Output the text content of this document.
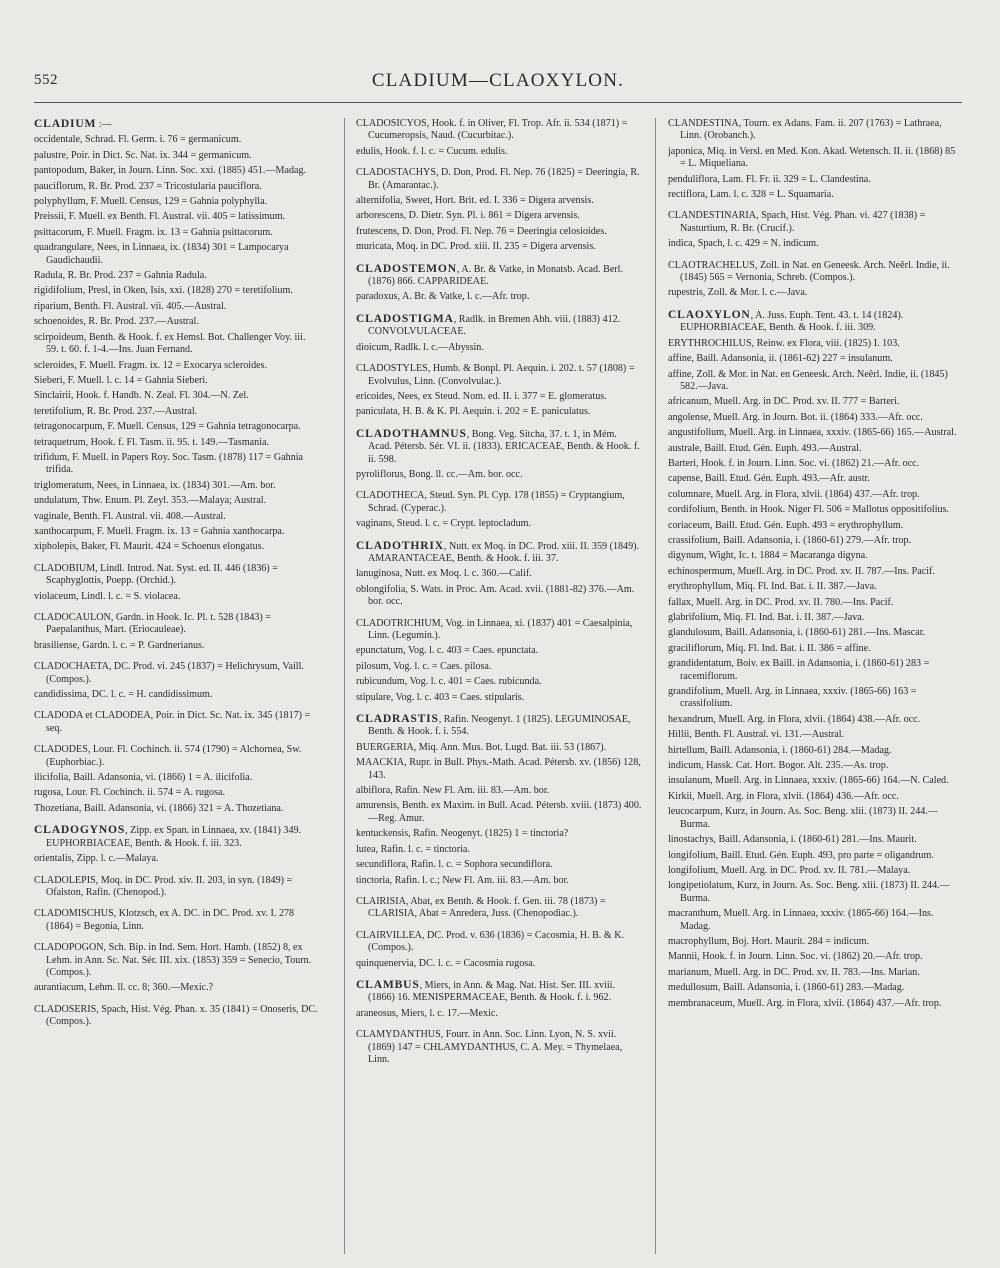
552	CLADIUM—CLAOXYLON.

CLADIUM :—

occidentale, Schrad. Fl. Germ. i. 76 = germanicum.

palustre, Poir. in Dict. Sc. Nat. ix. 344 = germanicum.

pantopodum, Baker, in Journ. Linn. Soc. xxi. (1885) 451.—Madag.

pauciflorum, R. Br. Prod. 237 = Tricostularia pauciflora.

polyphyllum, F. Muell. Census, 129 = Gahnia polyphylla.

Preissii, F. Muell. ex Benth. Fl. Austral. vii. 405 = latissimum.

psittacorum, F. Muell. Fragm. ix. 13 = Gahnia psittacorum.

quadrangulare, Nees, in Linnaea, ix. (1834) 301 = Lampocarya Gaudichaudii.

Radula, R. Br. Prod. 237 = Gahnia Radula.

rigidifolium, Presl, in Oken, Isis, xxi. (1828) 270 = teretifolium.

riparium, Benth. Fl. Austral. vii. 405.—Austral.

schoenoides, R. Br. Prod. 237.—Austral.

scirpoideum, Benth. & Hook. f. ex Hemsl. Bot. Challenger Voy. iii. 59. t. 60. f. 1-4.—Ins. Juan Fernand.

scleroides, F. Muell. Fragm. ix. 12 = Exocarya scleroides.

Sieberi, F. Muell. l. c. 14 = Gahnia Sieberi.

Sinclairii, Hook. f. Handb. N. Zeal. Fl. 304.—N. Zel.

teretifolium, R. Br. Prod. 237.—Austral.

tetragonocarpum, F. Muell. Census, 129 = Gahnia tetragonocarpa.

tetraquetrum, Hook. f. Fl. Tasm. ii. 95. t. 149.—Tasmania.

trifidum, F. Muell. in Papers Roy. Soc. Tasm. (1878) 117 = Gahnia trifida.

triglomeratum, Nees, in Linnaea, ix. (1834) 301.—Am. bor.

undulatum, Thw. Enum. Pl. Zeyl. 353.—Malaya; Austral.

vaginale, Benth. Fl. Austral. vii. 408.—Austral.

xanthocarpum, F. Muell. Fragm. ix. 13 = Gahnia xanthocarpa.

xipholepis, Baker, Fl. Maurit. 424 = Schoenus elongatus.

CLADOBIUM, Lindl. Introd. Nat. Syst. ed. II. 446 (1836) = Scaphyglottis, Poepp. (Orchid.).

violaceum, Lindl. l. c. = S. violacea.

CLADOCAULON, Gardn. in Hook. Ic. Pl. t. 528 (1843) = Paepalanthus, Mart. (Eriocauleae).

brasiliense, Gardn. l. c. = P. Gardnerianus.

CLADOCHAETA, DC. Prod. vi. 245 (1837) = Helichrysum, Vaill. (Compos.).

candidissima, DC. l. c. = H. candidissimum.

CLADODA et CLADODEA, Poir. in Dict. Sc. Nat. ix. 345 (1817) = seq.

CLADODES, Lour. Fl. Cochinch. ii. 574 (1790) = Alchornea, Sw. (Euphorbiac.).

ilicifolia, Baill. Adansonia, vi. (1866) 1 = A. ilicifolia.

rugosa, Lour. Fl. Cochinch. ii. 574 = A. rugosa.

Thozetiana, Baill. Adansonia, vi. (1866) 321 = A. Thozetiana.

CLADOGYNOS, Zipp. ex Span. in Linnaea, xv. (1841) 349. EUPHORBIACEAE, Benth. & Hook. f. iii. 323.

orientalis, Zipp. l. c.—Malaya.

CLADOLEPIS, Moq. in DC. Prod. xiv. II. 203, in syn. (1849) = Ofaiston, Rafin. (Chenopod.).

CLADOMISCHUS, Klotzsch, ex A. DC. in DC. Prod. xv. I. 278 (1864) = Begonia, Linn.

CLADOPOGON, Sch. Bip. in Ind. Sem. Hort. Hamb. (1852) 8, ex Lehm. in Ann. Sc. Nat. Sér. III. xix. (1853) 359 = Senecio, Tourn. (Compos.).

aurantiacum, Lehm. ll. cc. 8; 360.—Mexic.?

CLADOSERIS, Spach, Hist. Vég. Phan. x. 35 (1841) = Onoseris, DC. (Compos.).

CLADOSICYOS, Hook. f. in Oliver, Fl. Trop. Afr. ii. 534 (1871) = Cucumeropsis, Naud. (Cucurbitac.).

edulis, Hook. f. l. c. = Cucum. edulis.

CLADOSTACHYS, D. Don, Prod. Fl. Nep. 76 (1825) = Deeringia, R. Br. (Amarantac.).

alternifolia, Sweet, Hort. Brit. ed. I. 336 = Digera arvensis.

arborescens, D. Dietr. Syn. Pl. i. 861 = Digera arvensis.

frutescens, D. Don, Prod. Fl. Nep. 76 = Deeringia celosioides.

muricata, Moq. in DC. Prod. xiii. II. 235 = Digera arvensis.

CLADOSTEMON, A. Br. & Vatke, in Monatsb. Acad. Berl. (1876) 866. CAPPARIDEAE.

paradoxus, A. Br. & Vatke, l. c.—Afr. trop.

CLADOSTIGMA, Radlk. in Bremen Abh. viii. (1883) 412. CONVOLVULACEAE.

dioicum, Radlk. l. c.—Abyssin.

CLADOSTYLES, Humb. & Bonpl. Pl. Aequin. i. 202. t. 57 (1808) = Evolvulus, Linn. (Convolvulac.).

ericoides, Nees, ex Steud. Nom. ed. II. i. 377 = E. glomeratus.

paniculata, H. B. & K. Pl. Aequin. i. 202 = E. paniculatus.

CLADOTHAMNUS, Bong. Veg. Sitcha, 37. t. 1, in Mém. Acad. Pétersb. Sér. VI. ii. (1833). ERICACEAE, Benth. & Hook. f. ii. 598.

pyroliflorus, Bong. ll. cc.—Am. bor. occ.

CLADOTHECA, Steud. Syn. Pl. Cyp. 178 (1855) = Cryptangium, Schrad. (Cyperac.).

vaginans, Steud. l. c. = Crypt. leptocladum.

CLADOTHRIX, Nutt. ex Moq. in DC. Prod. xiii. II. 359 (1849). AMARANTACEAE, Benth. & Hook. f. iii. 37.

lanuginosa, Nutt. ex Moq. l. c. 360.—Calif.

oblongifolia, S. Wats. in Proc. Am. Acad. xvii. (1881-82) 376.—Am. bor. occ.

CLADOTRICHIUM, Vog. in Linnaea, xi. (1837) 401 = Caesalpinia, Linn. (Legumin.).

epunctatum, Vog. l. c. 403 = Caes. epunctata.

pilosum, Vog. l. c. = Caes. pilosa.

rubicundum, Vog. l. c. 401 = Caes. rubicunda.

stipulare, Vog. l. c. 403 = Caes. stipularis.

CLADRASTIS, Rafin. Neogenyt. 1 (1825). LEGUMINOSAE, Benth. & Hook. f. i. 554.

BUERGERIA, Miq. Ann. Mus. Bot. Lugd. Bat. iii. 53 (1867).

MAACKIA, Rupr. in Bull. Phys.-Math. Acad. Pétersb. xv. (1856) 128, 143.

albiflora, Rafin. New Fl. Am. iii. 83.—Am. bor.

amurensis, Benth. ex Maxim. in Bull. Acad. Pétersb. xviii. (1873) 400.—Reg. Amur.

kentuckensis, Rafin. Neogenyt. (1825) 1 = tinctoria?

lutea, Rafin. l. c. = tinctoria.

secundiflora, Rafin. l. c. = Sophora secundiflora.

tinctoria, Rafin. l. c.; New Fl. Am. iii. 83.—Am. bor.

CLAIRISIA, Abat, ex Benth. & Hook. f. Gen. iii. 78 (1873) = CLARISIA, Abat = Anredera, Juss. (Chenopodiac.).

CLAIRVILLEA, DC. Prod. v. 636 (1836) = Cacosmia, H. B. & K. (Compos.).

quinquenervia, DC. l. c. = Cacosmia rugosa.

CLAMBUS, Miers, in Ann. & Mag. Nat. Hist. Ser. III. xviii. (1866) 16. MENISPERMACEAE, Benth. & Hook. f. i. 962.

araneosus, Miers, l. c. 17.—Mexic.

CLAMYDANTHUS, Fourr. in Ann. Soc. Linn. Lyon, N. S. xvii. (1869) 147 = CHLAMYDANTHUS, C. A. Mey. = Thymelaea, Linn.

CLANDESTINA, Tourn. ex Adans. Fam. ii. 207 (1763) = Lathraea, Linn. (Orobanch.).

japonica, Miq. in Versl. en Med. Kon. Akad. Wetensch. II. ii. (1868) 85 = L. Miqueliana.

penduliflora, Lam. Fl. Fr. ii. 329 = L. Clandestina.

rectiflora, Lam. l. c. 328 = L. Squamaria.

CLANDESTINARIA, Spach, Hist. Vég. Phan. vi. 427 (1838) = Nasturtium, R. Br. (Crucif.).

indica, Spach, l. c. 429 = N. indicum.

CLAOTRACHELUS, Zoll. in Nat. en Geneesk. Arch. Neêrl. Indie, ii. (1845) 565 = Vernonia, Schreb. (Compos.).

rupestris, Zoll. & Mor. l. c.—Java.

CLAOXYLON, A. Juss. Euph. Tent. 43. t. 14 (1824). EUPHORBIACEAE, Benth. & Hook. f. iii. 309.

ERYTHROCHILUS, Reinw. ex Flora, viii. (1825) I. 103.

affine, Baill. Adansonia, ii. (1861-62) 227 = insulanum.

affine, Zoll. & Mor. in Nat. en Geneesk. Arch. Neêrl. Indie, ii. (1845) 582.—Java.

africanum, Muell. Arg. in DC. Prod. xv. II. 777 = Barteri.

angolense, Muell. Arg. in Journ. Bot. ii. (1864) 333.—Afr. occ.

angustifolium, Muell. Arg. in Linnaea, xxxiv. (1865-66) 165.—Austral.

australe, Baill. Etud. Gén. Euph. 493.—Austral.

Barteri, Hook. f. in Journ. Linn. Soc. vi. (1862) 21.—Afr. occ.

capense, Baill. Etud. Gén. Euph. 493.—Afr. austr.

columnare, Muell. Arg. in Flora, xlvii. (1864) 437.—Afr. trop.

cordifolium, Benth. in Hook. Niger Fl. 506 = Mallotus oppositifolius.

coriaceum, Baill. Etud. Gén. Euph. 493 = erythrophyllum.

crassifolium, Baill. Adansonia, i. (1860-61) 279.—Afr. trop.

digynum, Wight, Ic. t. 1884 = Macaranga digyna.

echinospermum, Muell. Arg. in DC. Prod. xv. II. 787.—Ins. Pacif.

erythrophyllum, Miq. Fl. Ind. Bat. i. II. 387.—Java.

fallax, Muell. Arg. in DC. Prod. xv. II. 780.—Ins. Pacif.

glabrifolium, Miq. Fl. Ind. Bat. i. II. 387.—Java.

glandulosum, Baill. Adansonia, i. (1860-61) 281.—Ins. Mascar.

graciliflorum, Miq. Fl. Ind. Bat. i. II. 386 = affine.

grandidentatum, Boiv. ex Baill. in Adansonia, i. (1860-61) 283 = racemiflorum.

grandifolium, Muell. Arg. in Linnaea, xxxiv. (1865-66) 163 = crassifolium.

hexandrum, Muell. Arg. in Flora, xlvii. (1864) 438.—Afr. occ.

Hillii, Benth. Fl. Austral. vi. 131.—Austral.

hirtellum, Baill. Adansonia, i. (1860-61) 284.—Madag.

indicum, Hassk. Cat. Hort. Bogor. Alt. 235.—As. trop.

insulanum, Muell. Arg. in Linnaea, xxxiv. (1865-66) 164.—N. Caled.

Kirkii, Muell. Arg. in Flora, xlvii. (1864) 436.—Afr. occ.

leucocarpum, Kurz, in Journ. As. Soc. Beng. xlii. (1873) II. 244.—Burma.

linostachys, Baill. Adansonia, i. (1860-61) 281.—Ins. Maurit.

longifolium, Baill. Etud. Gén. Euph. 493, pro parte = oligandrum.

longifolium, Muell. Arg. in DC. Prod. xv. II. 781.—Malaya.

longipetiolatum, Kurz, in Journ. As. Soc. Beng. xlii. (1873) II. 244.—Burma.

macranthum, Muell. Arg. in Linnaea, xxxiv. (1865-66) 164.—Ins. Madag.

macrophyllum, Boj. Hort. Maurit. 284 = indicum.

Mannii, Hook. f. in Journ. Linn. Soc. vi. (1862) 20.—Afr. trop.

marianum, Muell. Arg. in DC. Prod. xv. II. 783.—Ins. Marian.

medullosum, Baill. Adansonia, i. (1860-61) 283.—Madag.

membranaceum, Muell. Arg. in Flora, xlvii. (1864) 437.—Afr. trop.
